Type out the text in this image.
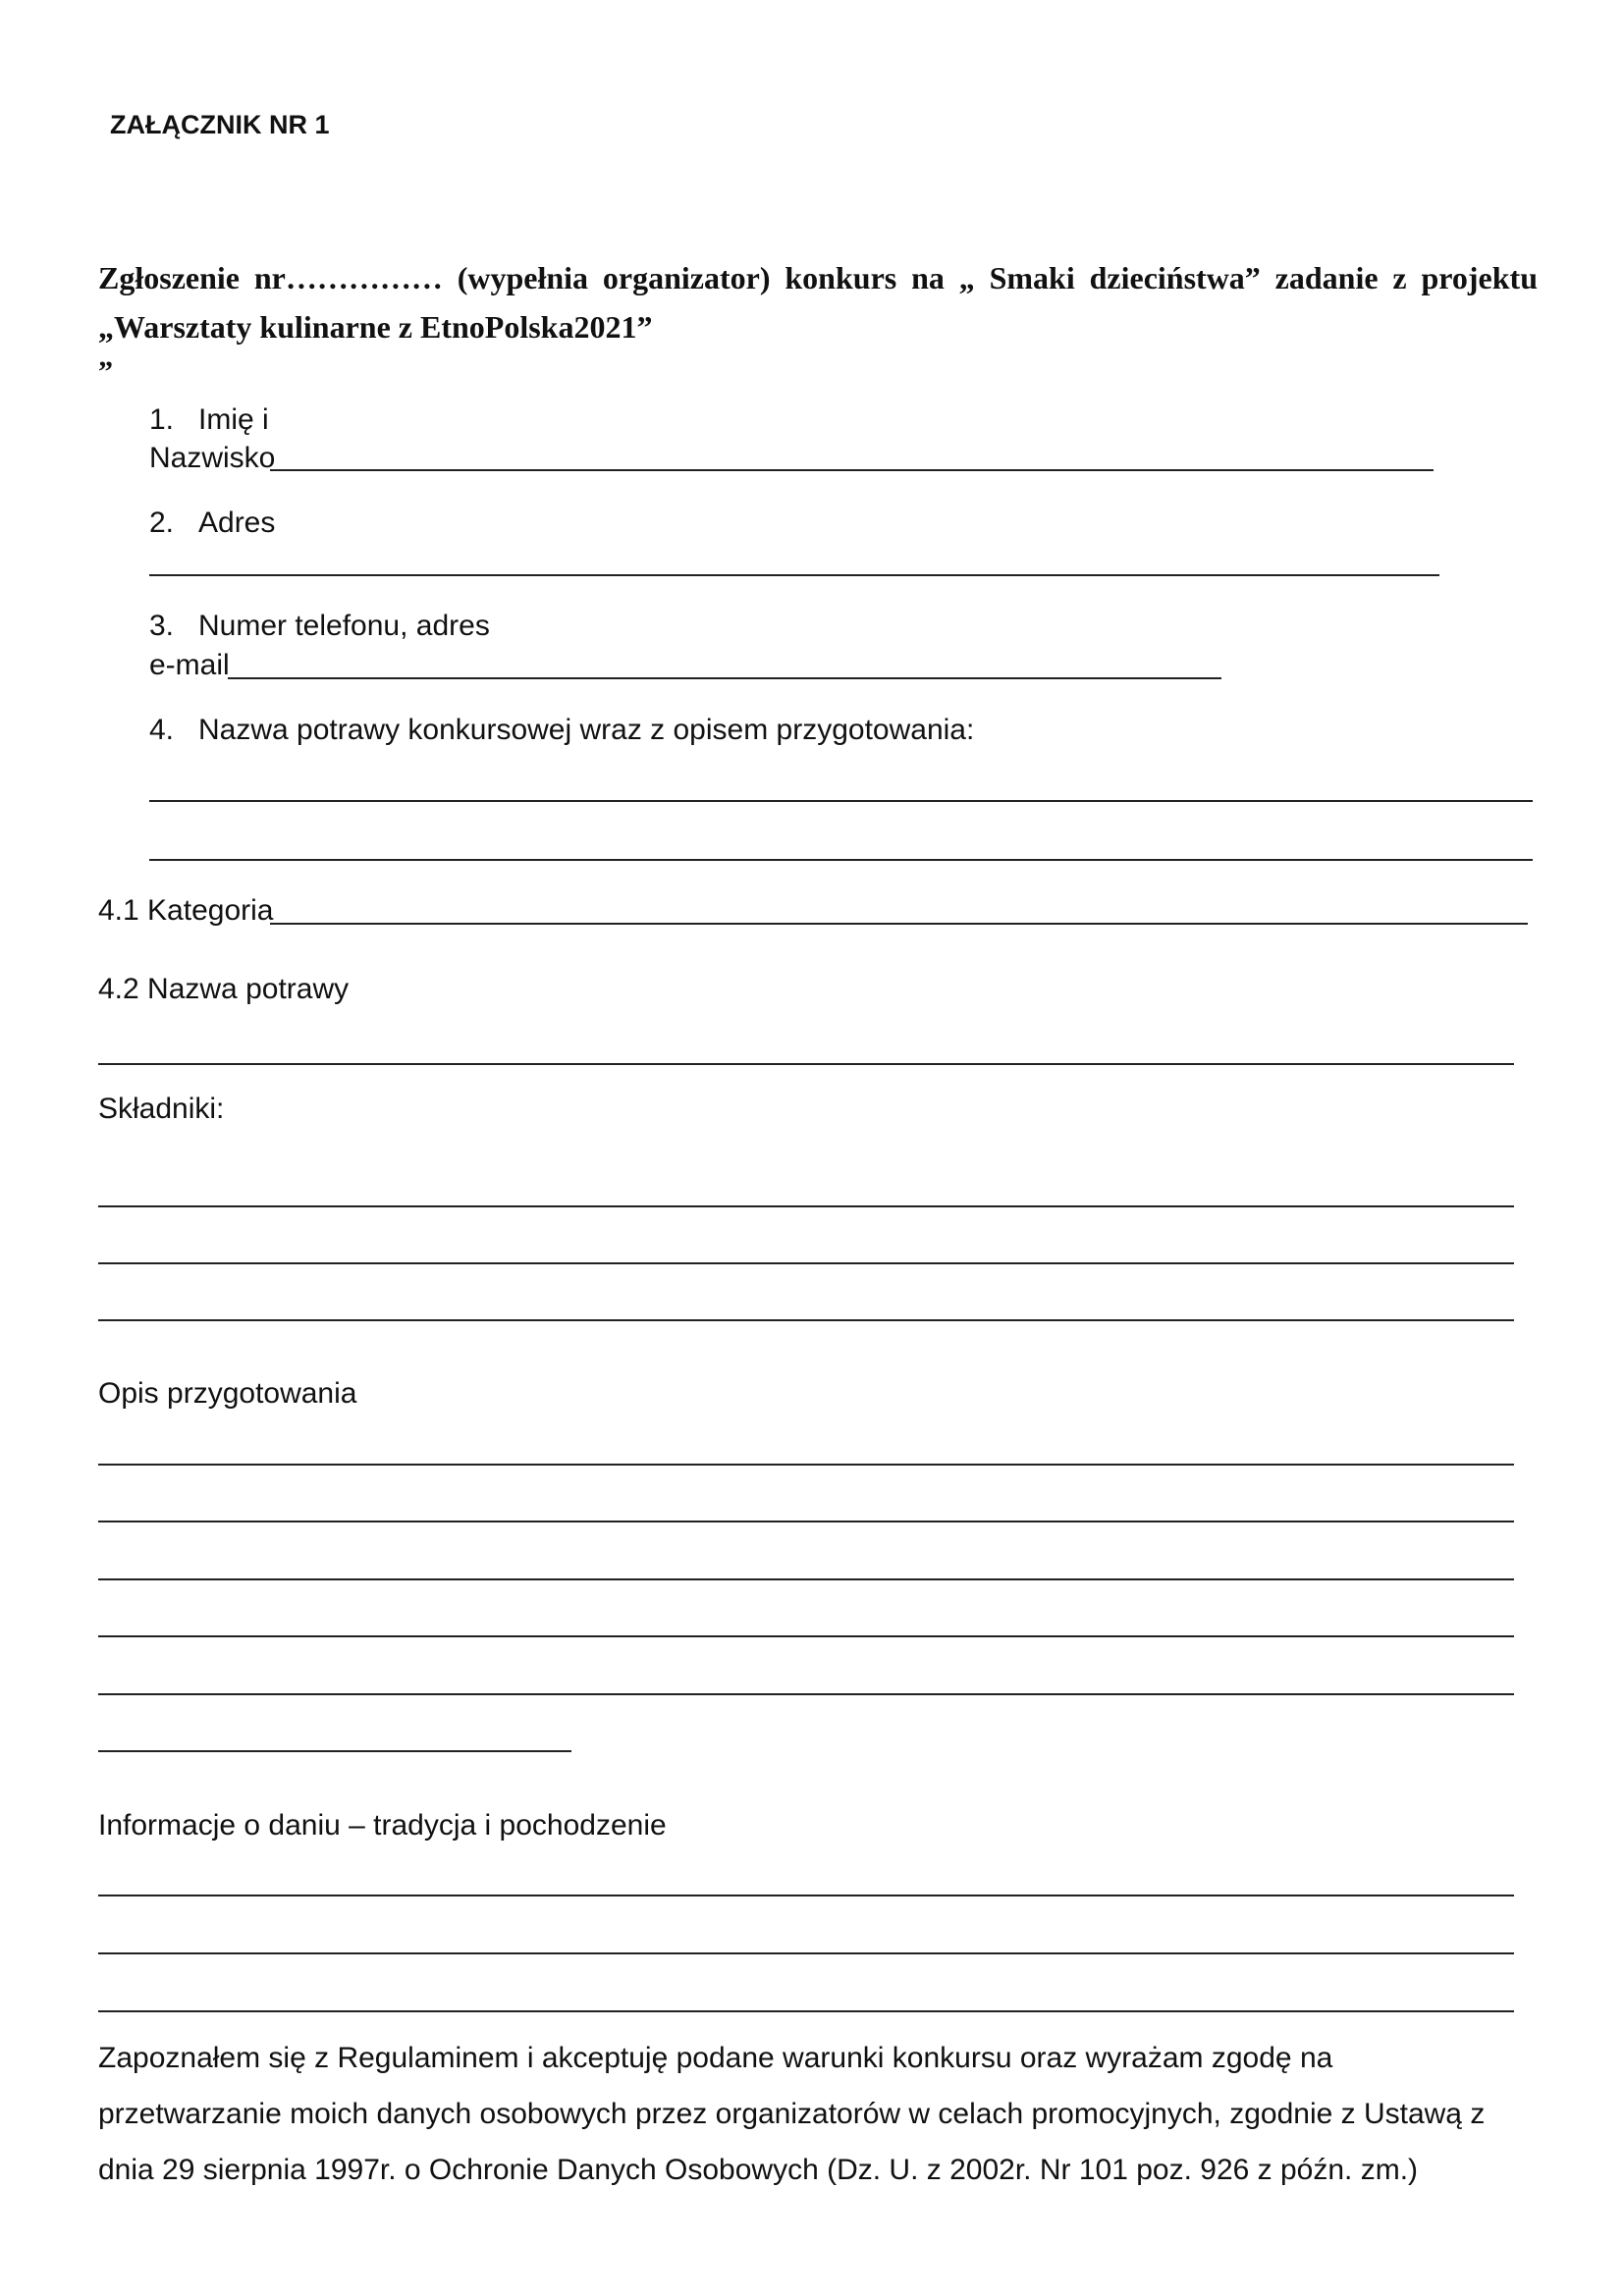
ZAŁĄCZNIK NR 1
Zgłoszenie nr…………… (wypełnia organizator) konkurs na „ Smaki dzieciństwa” zadanie z projektu „Warsztaty kulinarne z EtnoPolska2021”
”
1. Imię i
Nazwisko
2. Adres
3. Numer telefonu, adres
e-mail
4. Nazwa potrawy konkursowej wraz z opisem przygotowania:
4.1 Kategoria
4.2 Nazwa potrawy
Składniki:
Opis przygotowania
Informacje o daniu – tradycja i pochodzenie
Zapoznałem się z Regulaminem i akceptuję podane warunki konkursu oraz wyrażam zgodę na przetwarzanie moich danych osobowych przez organizatorów w celach promocyjnych, zgodnie z Ustawą z dnia 29 sierpnia 1997r. o Ochronie Danych Osobowych (Dz. U. z 2002r. Nr 101 poz. 926 z późn. zm.)
